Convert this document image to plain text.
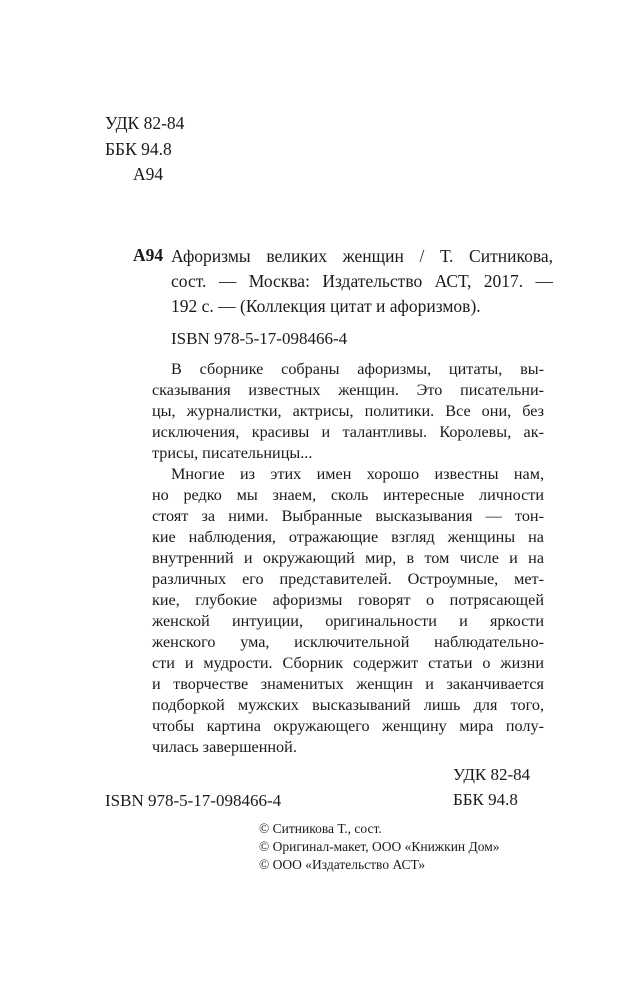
УДК 82-84
ББК 94.8
А94
А94 Афоризмы великих женщин / Т. Ситникова,
сост. — Москва: Издательство АСТ, 2017. —
192 с. — (Коллекция цитат и афоризмов).
ISBN 978-5-17-098466-4
В сборнике собраны афоризмы, цитаты, вы-
сказывания известных женщин. Это писательни-
цы, журналистки, актрисы, политики. Все они, без
исключения, красивы и талантливы. Королевы, ак-
трисы, писательницы...
Многие из этих имен хорошо известны нам,
но редко мы знаем, сколь интересные личности
стоят за ними. Выбранные высказывания — тон-
кие наблюдения, отражающие взгляд женщины на
внутренний и окружающий мир, в том числе и на
различных его представителей. Остроумные, мет-
кие, глубокие афоризмы говорят о потрясающей
женской интуиции, оригинальности и яркости
женского ума, исключительной наблюдательно-
сти и мудрости. Сборник содержит статьи о жизни
и творчестве знаменитых женщин и заканчивается
подборкой мужских высказываний лишь для того,
чтобы картина окружающего женщину мира полу-
чилась завершенной.
УДК 82-84
ISBN 978-5-17-098466-4	ББК 94.8
© Ситникова Т., сост.
© Оригинал-макет, ООО «Книжкин Дом»
© ООО «Издательство АСТ»
